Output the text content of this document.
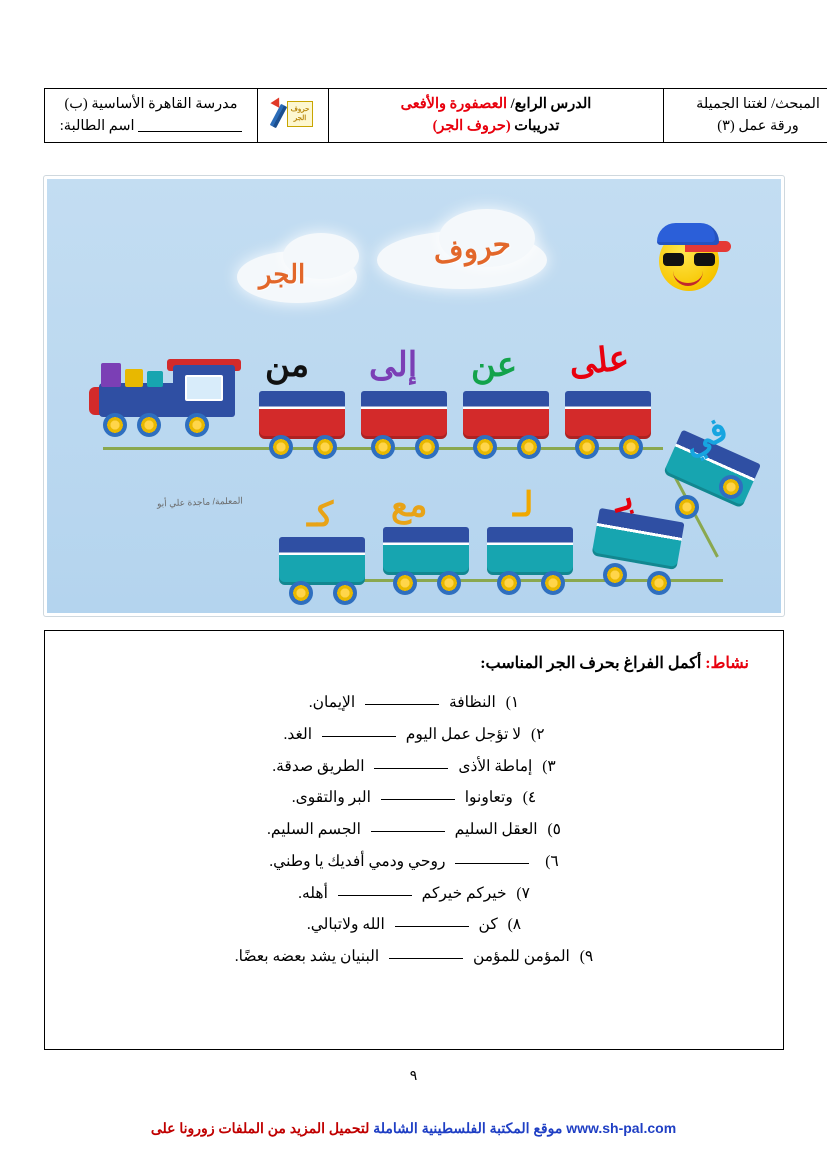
المبحث/ لغتنا الجميلة
ورقة عمل (٣)

الدرس الرابع/ العصفورة والأفعى
تدريبات (حروف الجر)

حروف الجر

مدرسة القاهرة الأساسية (ب)
اسم الطالبة:
حروف
الجر
من إلى عن على
في
بـ
لـ
مع
كـ
المعلمة/ ماجدة علي أبو
نشاط: أكمل الفراغ بحرف الجر المناسب:
١) النظافة  الإيمان.
٢) لا تؤجل عمل اليوم  الغد.
٣) إماطة الأذى  الطريق صدقة.
٤) وتعاونوا  البر والتقوى.
٥) العقل السليم  الجسم السليم.
٦)  روحي ودمي أفديك يا وطني.
٧) خيركم خيركم  أهله.
٨) كن  الله ولاتبالي.
٩) المؤمن للمؤمن  البنيان يشد بعضه بعضًا.
٩
www.sh-pal.com موقع المكتبة الفلسطينية الشاملة لتحميل المزيد من الملفات زورونا على
